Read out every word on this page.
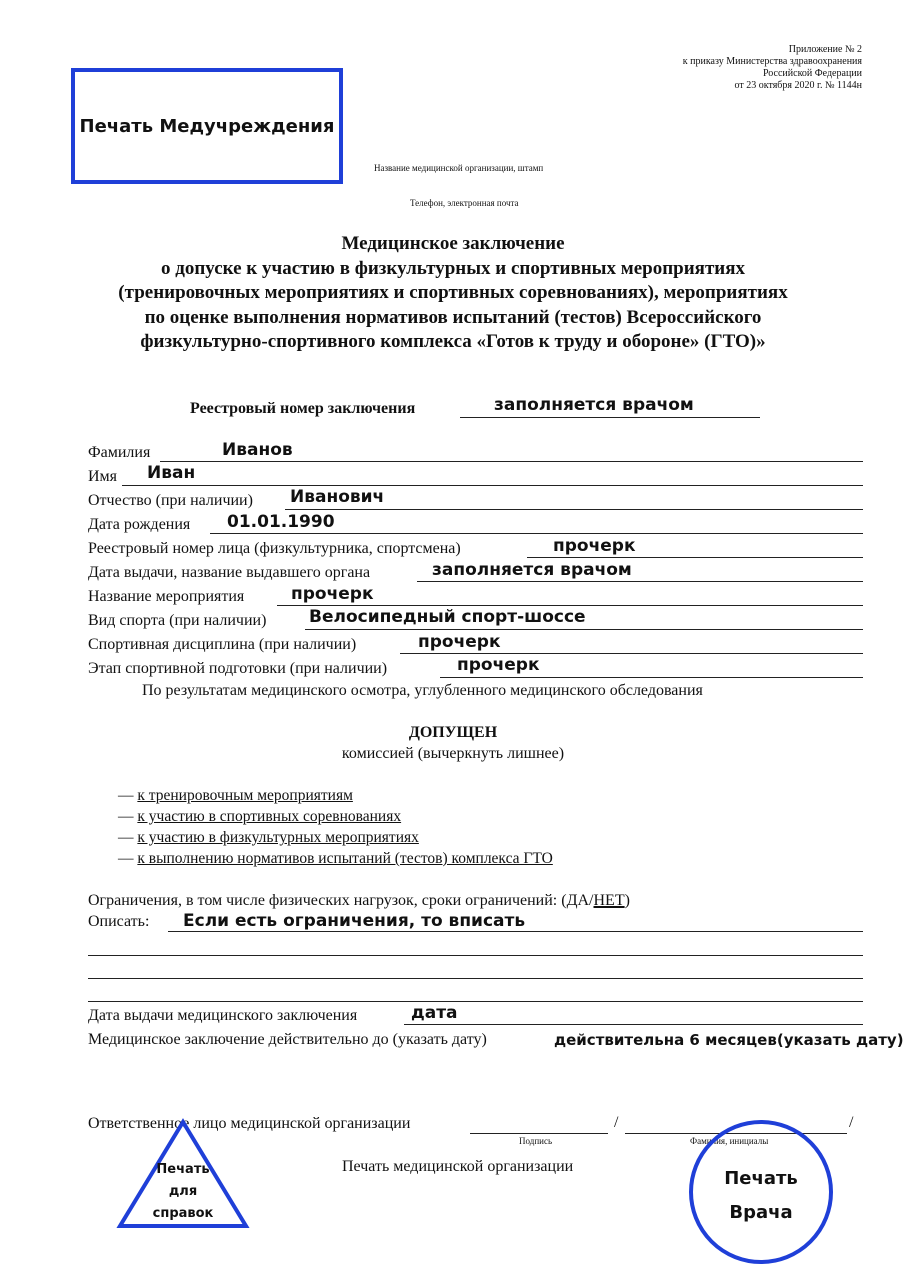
Приложение № 2
к приказу Министерства здравоохранения
Российской Федерации
от 23 октября 2020 г. № 1144н
Печать Медучреждения
Название медицинской организации, штамп
Телефон, электронная почта
Медицинское заключение
о допуске к участию в физкультурных и спортивных мероприятиях
(тренировочных мероприятиях и спортивных соревнованиях), мероприятиях
по оценке выполнения нормативов испытаний (тестов) Всероссийского
физкультурно-спортивного комплекса «Готов к труду и обороне» (ГТО)»
Реестровый номер заключения	заполняется врачом
Фамилия	Иванов
Имя Иван
Отчество (при наличии) Иванович
Дата рождения 01.01.1990
Реестровый номер лица (физкультурника, спортсмена)	прочерк
Дата выдачи, название выдавшего органа	заполняется врачом
Название мероприятия	прочерк
Вид спорта (при наличии)	Велосипедный спорт-шоссе
Спортивная дисциплина (при наличии)	прочерк
Этап спортивной подготовки (при наличии)	прочерк
По результатам медицинского осмотра, углубленного медицинского обследования
ДОПУЩЕН
комиссией (вычеркнуть лишнее)
— к тренировочным мероприятиям
— к участию в спортивных соревнованиях
— к участию в физкультурных мероприятиях
— к выполнению нормативов испытаний (тестов) комплекса ГТО
Ограничения, в том числе физических нагрузок, сроки ограничений: (ДА/НЕТ)
Описать: Если есть ограничения, то вписать
Дата выдачи медицинского заключения	дата
Медицинское заключение действительно до (указать дату)	действительна 6 месяцев(указать дату)
Ответственное лицо медицинской организации	/	/
Подпись	Фамилия, инициалы
Печать медицинской организации
Печать
для
справок
Печать
Врача
